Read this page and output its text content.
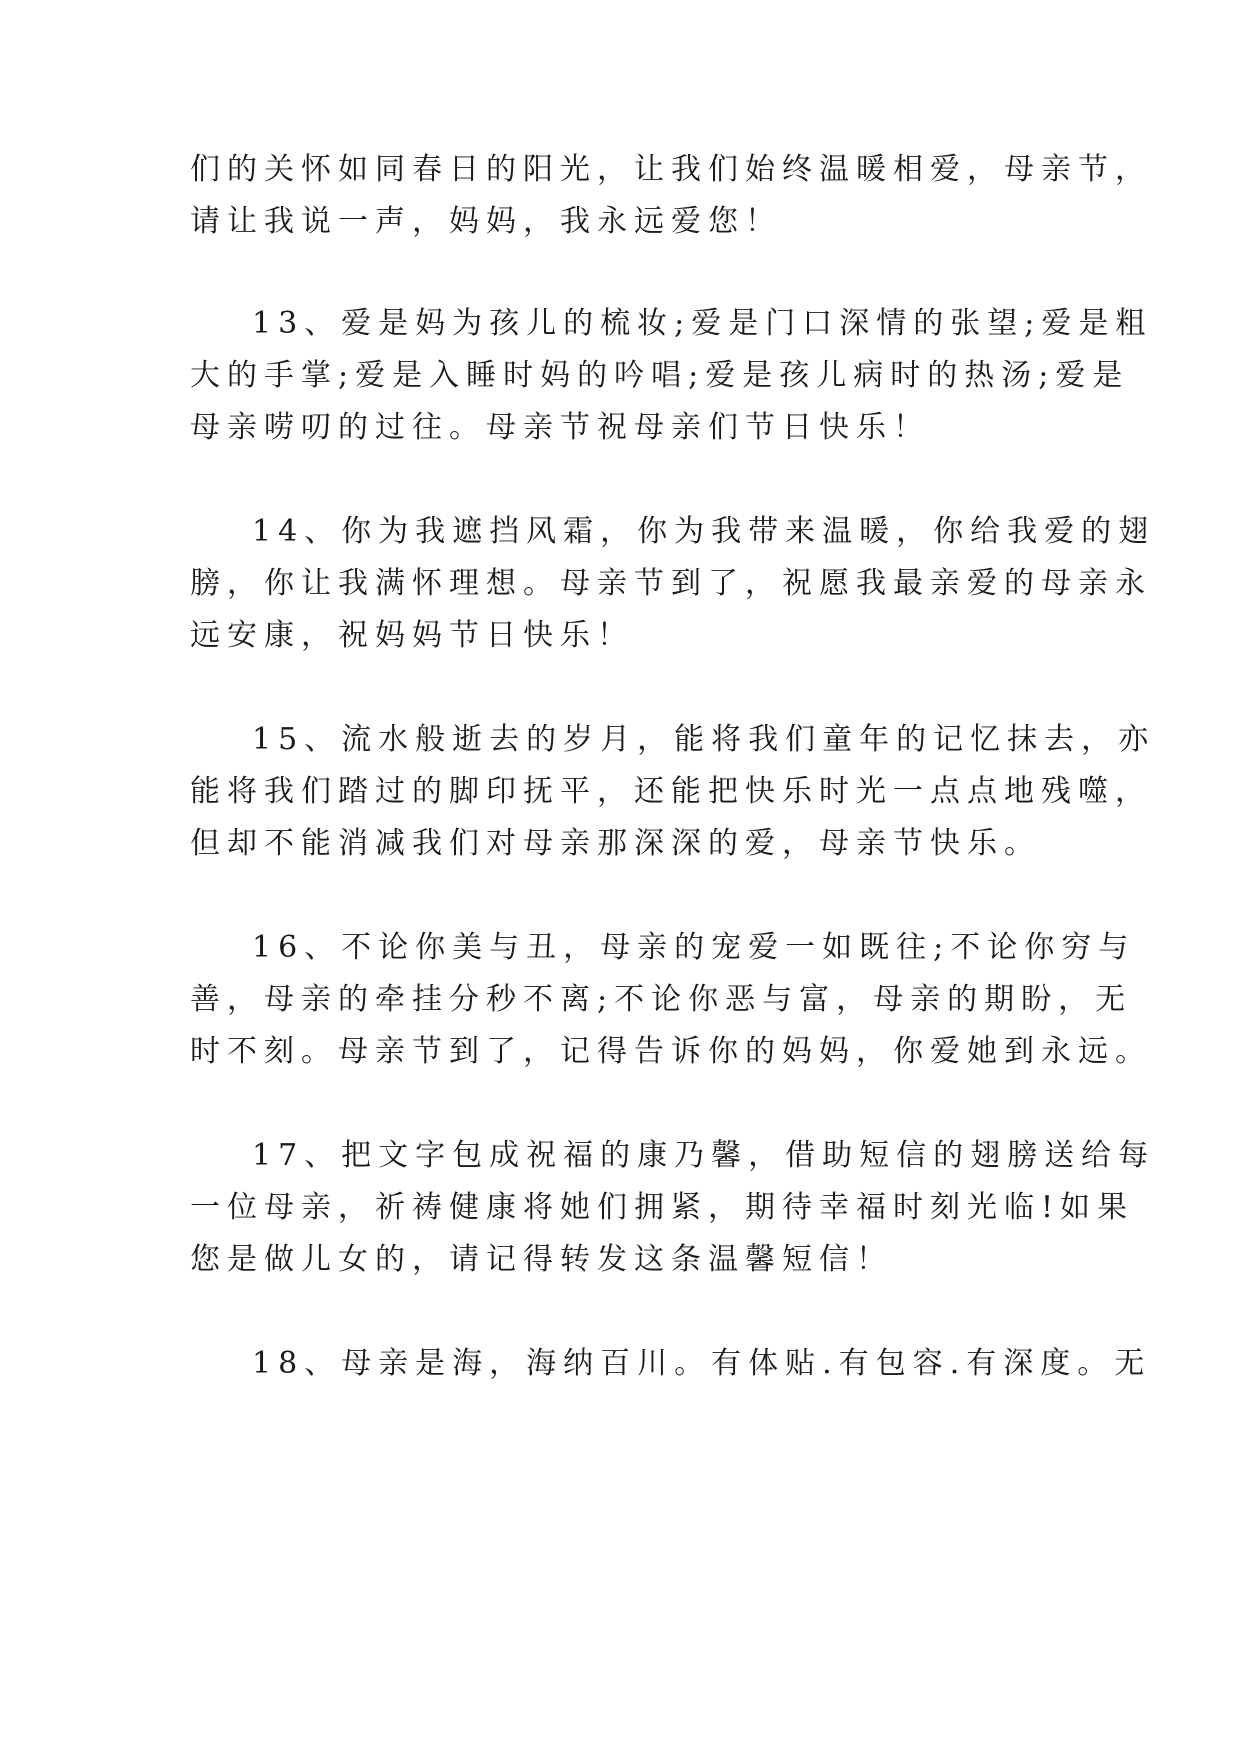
们的关怀如同春日的阳光，让我们始终温暖相爱，母亲节，
请让我说一声，妈妈，我永远爱您！
13、爱是妈为孩儿的梳妆;爱是门口深情的张望;爱是粗
大的手掌;爱是入睡时妈的吟唱;爱是孩儿病时的热汤;爱是
母亲唠叨的过往。母亲节祝母亲们节日快乐！
14、你为我遮挡风霜，你为我带来温暖，你给我爱的翅
膀，你让我满怀理想。母亲节到了，祝愿我最亲爱的母亲永
远安康，祝妈妈节日快乐！
15、流水般逝去的岁月，能将我们童年的记忆抹去，亦
能将我们踏过的脚印抚平，还能把快乐时光一点点地残噬，
但却不能消减我们对母亲那深深的爱，母亲节快乐。
16、不论你美与丑，母亲的宠爱一如既往;不论你穷与
善，母亲的牵挂分秒不离;不论你恶与富，母亲的期盼，无
时不刻。母亲节到了，记得告诉你的妈妈，你爱她到永远。
17、把文字包成祝福的康乃馨，借助短信的翅膀送给每
一位母亲，祈祷健康将她们拥紧，期待幸福时刻光临!如果
您是做儿女的，请记得转发这条温馨短信！
18、母亲是海，海纳百川。有体贴.有包容.有深度。无
